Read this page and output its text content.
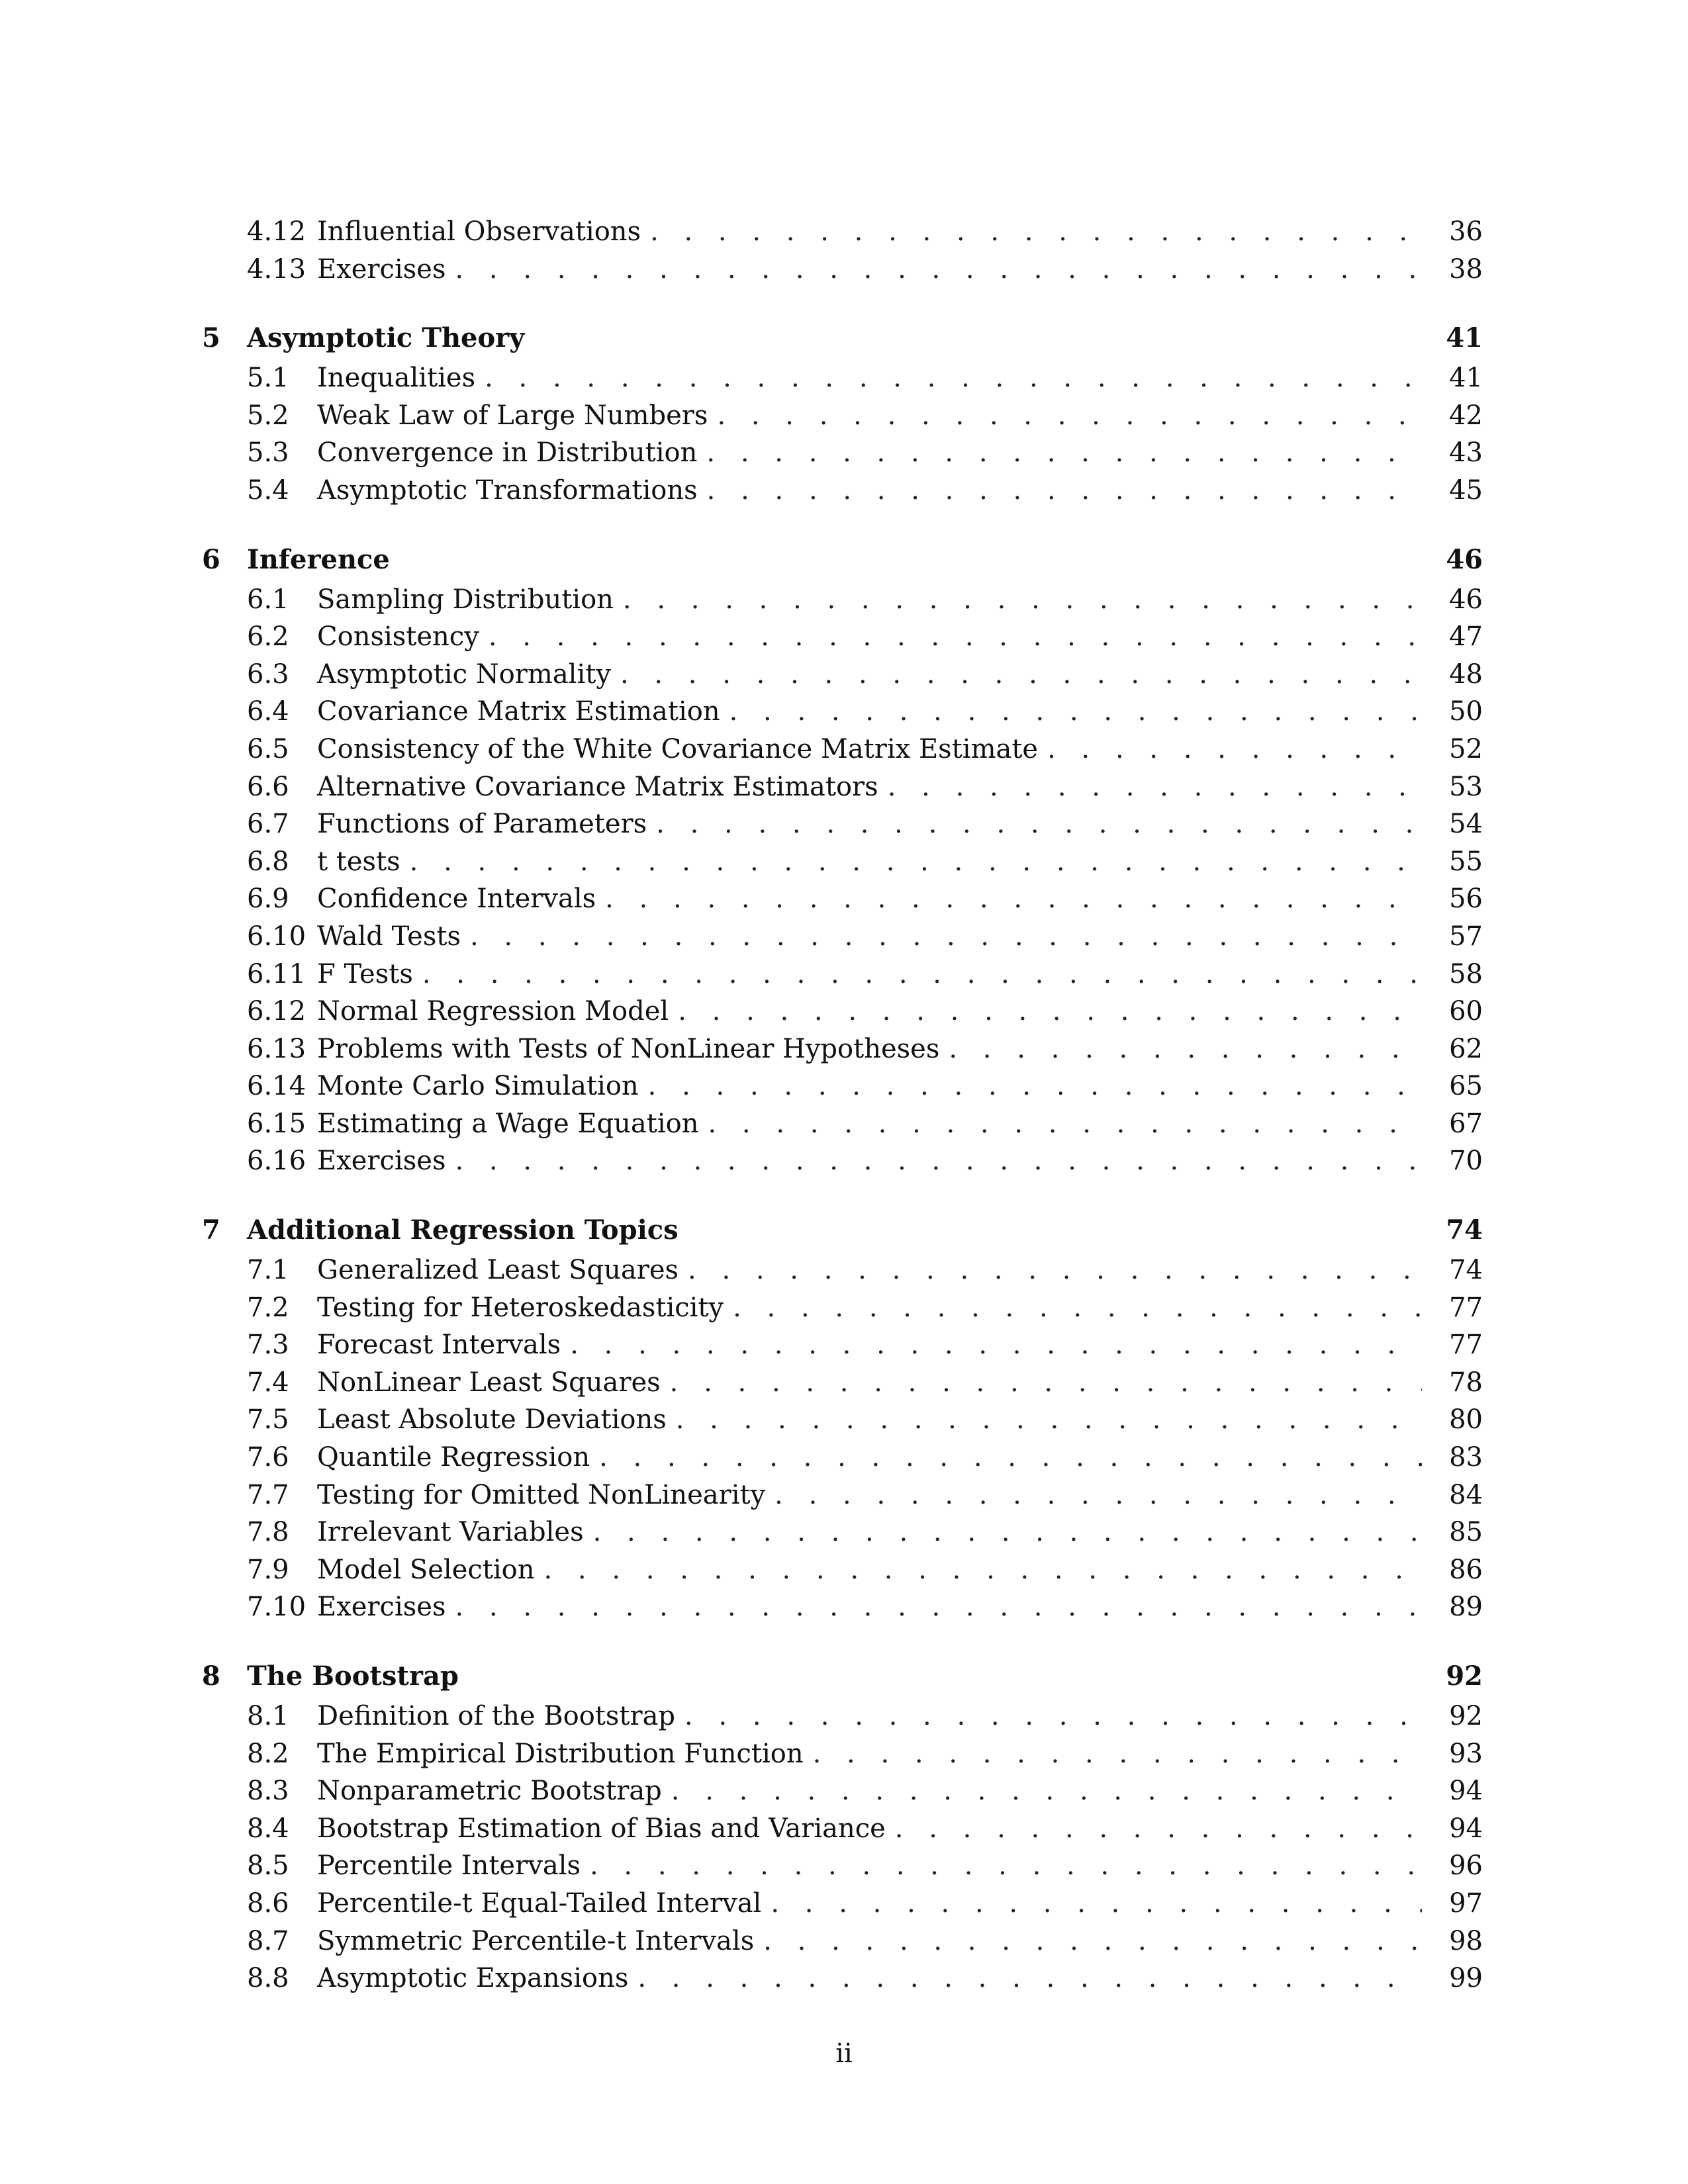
4.12 Influential Observations . . .	36
4.13 Exercises . . .	38
5 Asymptotic Theory	41
5.1	Inequalities . . .	41
5.2	Weak Law of Large Numbers . . .	42
5.3	Convergence in Distribution . . .	43
5.4	Asymptotic Transformations . . .	45
6 Inference	46
6.1	Sampling Distribution . . .	46
6.2	Consistency . . .	47
6.3	Asymptotic Normality . . .	48
6.4	Covariance Matrix Estimation . . .	50
6.5	Consistency of the White Covariance Matrix Estimate . . .	52
6.6	Alternative Covariance Matrix Estimators . . .	53
6.7	Functions of Parameters . . .	54
6.8	t tests . . .	55
6.9	Confidence Intervals . . .	56
6.10 Wald Tests . . .	57
6.11 F Tests . . .	58
6.12 Normal Regression Model . . .	60
6.13 Problems with Tests of NonLinear Hypotheses . . .	62
6.14 Monte Carlo Simulation . . .	65
6.15 Estimating a Wage Equation . . .	67
6.16 Exercises . . .	70
7 Additional Regression Topics	74
7.1	Generalized Least Squares . . .	74
7.2	Testing for Heteroskedasticity . . .	77
7.3	Forecast Intervals . . .	77
7.4	NonLinear Least Squares . . .	78
7.5	Least Absolute Deviations . . .	80
7.6	Quantile Regression . . .	83
7.7	Testing for Omitted NonLinearity . . .	84
7.8	Irrelevant Variables . . .	85
7.9	Model Selection . . .	86
7.10 Exercises . . .	89
8 The Bootstrap	92
8.1	Definition of the Bootstrap . . .	92
8.2	The Empirical Distribution Function . . .	93
8.3	Nonparametric Bootstrap . . .	94
8.4	Bootstrap Estimation of Bias and Variance . . .	94
8.5	Percentile Intervals . . .	96
8.6	Percentile-t Equal-Tailed Interval . . .	97
8.7	Symmetric Percentile-t Intervals . . .	98
8.8	Asymptotic Expansions . . .	99
ii
